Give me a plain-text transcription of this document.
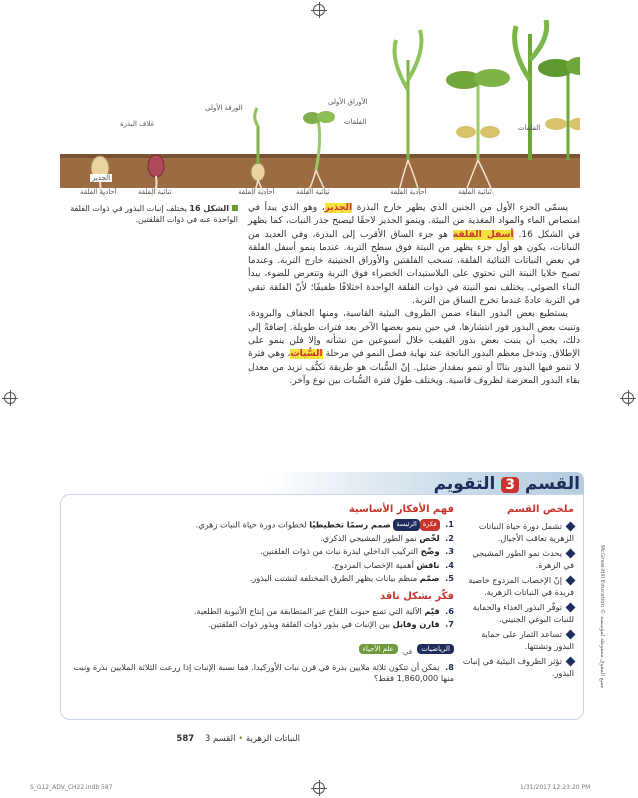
غلاف البذرة
الجذير
الورقة الأولى
الأوراق الأولى
الفلقات
الفلقات
أحادية الفلقة	ثنائية الفلقة	أحادية الفلقة	ثنائية الفلقة	أحادية الفلقة	ثنائية الفلقة
الشكل 16 يختلف إنبات البذور في ذوات الفلقة الواحدة عنه في ذوات الفلقتين.

يسمّى الجزء الأول من الجنين الذي يظهر خارج البذرة الجذير، وهو الذي يبدأ في امتصاص الماء والمواد المغذية من البيئة. وينمو الجذير لاحقًا ليصبح جذر النبات، كما يظهر في الشكل 16. أسفل الفلقة هو جزء الساق الأقرب إلى البذرة، وفي العديد من النباتات، يكون هو أول جزء يظهر من النبتة فوق سطح التربة. عندما ينمو أسفل الفلقة في بعض النباتات الثنائية الفلقة، تسحب الفلقتين والأوراق الجنينية خارج التربة. وعندما تصبح خلايا النبتة التي تحتوي على البلاستيدات الخضراء فوق التربة وتتعرض للضوء، يبدأ البناء الضوئي. يختلف نمو النبتة في ذوات الفلقة الواحدة اختلافًا طفيفًا؛ لأنّ الفلقة تبقى في التربة عادةً عندما تخرج الساق من التربة.

يستطيع بعض البذور البقاء ضمن الظروف البيئية القاسية، ومنها الجفاف والبرودة. وتنبت بعض البذور فور انتشارها، في حين ينمو بعضها الآخر بعد فترات طويلة. إضافةً إلى ذلك، يجب أن ينبت بعض بذور القيقب خلال أسبوعين من نشأته وإلا فلن ينمو على الإطلاق. وتدخل معظم البذور الناتجة عند نهاية فصل النمو في مرحلة السُّبات، وهي فترة لا تنمو فيها البذور بتاتًا أو تنمو بمقدار ضئيل. إنّ السُّبات هو طريقة تكيُّف تزيد من معدل بقاء البذور المعرضة لظروف قاسية. ويختلف طول فترة السُّبات بين نوع وآخر.

القسم 3 التقويم
ملخص القسم
تشمل دورة حياة النباتات الزهرية تعاقب الأجيال.
يحدث نمو الطور المشيجي في الزهرة.
إنّ الإخصاب المزدوج خاصية فريدة في النباتات الزهرية.
توفّر البذور الغذاء والحماية للنبات البوغي الجنيني.
تساعد الثمار على حماية البذور وتشتتها.
تؤثر الظروف البيئية في إنبات البذور.
فهم الأفكار الأساسية
1. فكرةالرئيسة صمم رسمًا تخطيطيًا لخطوات دورة حياة النبات زهري.
2. لخّص نمو الطور المشيجي الذكري.
3. وضّح التركيب الداخلي لبذرة نبات من ذوات الفلقتين.
4. ناقش أهمية الإخصاب المزدوج.
5. صمّم منظم بيانات يظهر الطرق المختلفة لتشتت البذور.
فكّر بشكل ناقد
6. قيّم الآلية التي تمنع حبوب اللقاح غير المتطابقة من إنتاج الأنبوبة الطلعية.
7. قارن وقابل بين الإنبات في بذور ذوات الفلقة وبذور ذوات الفلقتين.
الرياضيات في علم الأحياء
8. يمكن أن تتكون ثلاثة ملايين بذرة في قرن نبات الأوركيدا. فما نسبة الإنبات إذا زرعت الثلاثة الملايين بذرة ونبت منها 1,860,000 فقط؟
McGraw-Hill Education © جميع الحقوق محفوظة لمؤسسة
النباتات الزهرية • القسم 3 587
S_G12_ADV_CH22.indb 587	1/31/2017 12:23:20 PM
